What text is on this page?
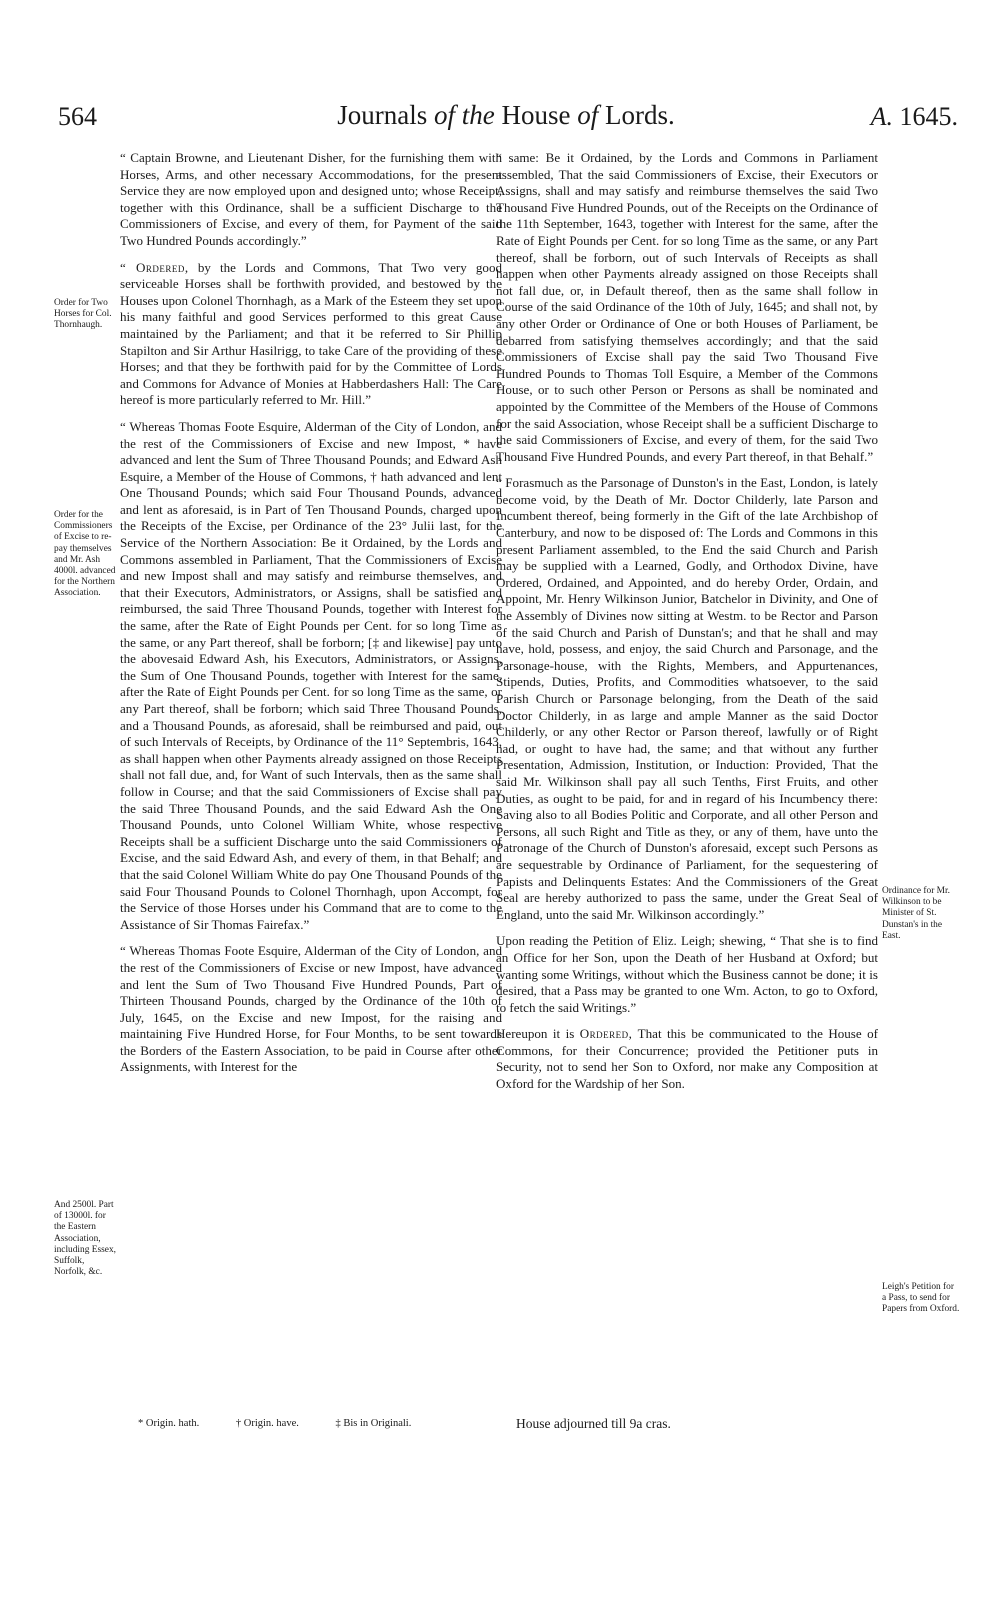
564	Journals of the House of Lords.	A. 1645.
Order for Two Horses for Col. Thornhaugh.
Order for the Commissioners of Excise to re-pay themselves and Mr. Ash 4000l. advanced for the Northern Association.
And 2500l. Part of 13000l. for the Eastern Association, including Essex, Suffolk, Norfolk, &c.
Ordinance for Mr. Wilkinson to be Minister of St. Dunstan's in the East.
Leigh's Petition for a Pass, to send for Papers from Oxford.

“ Captain Browne, and Lieutenant Disher, for the furnishing them with Horses, Arms, and other necessary Accommodations, for the present Service they are now employed upon and designed unto; whose Receipt, together with this Ordinance, shall be a sufficient Discharge to the Commissioners of Excise, and every of them, for Payment of the said Two Hundred Pounds accordingly.”

“ Ordered, by the Lords and Commons, That Two very good serviceable Horses shall be forthwith provided, and bestowed by the Houses upon Colonel Thornhagh, as a Mark of the Esteem they set upon his many faithful and good Services performed to this great Cause maintained by the Parliament; and that it be referred to Sir Phillip Stapilton and Sir Arthur Hasilrigg, to take Care of the providing of these Horses; and that they be forthwith paid for by the Committee of Lords and Commons for Advance of Monies at Habberdashers Hall: The Care hereof is more particularly referred to Mr. Hill.”

“ Whereas Thomas Foote Esquire, Alderman of the City of London, and the rest of the Commissioners of Excise and new Impost, * have advanced and lent the Sum of Three Thousand Pounds; and Edward Ash Esquire, a Member of the House of Commons, † hath advanced and lent One Thousand Pounds; which said Four Thousand Pounds, advanced and lent as aforesaid, is in Part of Ten Thousand Pounds, charged upon the Receipts of the Excise, per Ordinance of the 23° Julii last, for the Service of the Northern Association: Be it Ordained, by the Lords and Commons assembled in Parliament, That the Commissioners of Excise and new Impost shall and may satisfy and reimburse themselves, and that their Executors, Administrators, or Assigns, shall be satisfied and reimbursed, the said Three Thousand Pounds, together with Interest for the same, after the Rate of Eight Pounds per Cent. for so long Time as the same, or any Part thereof, shall be forborn; [‡ and likewise] pay unto the abovesaid Edward Ash, his Executors, Administrators, or Assigns, the Sum of One Thousand Pounds, together with Interest for the same, after the Rate of Eight Pounds per Cent. for so long Time as the same, or any Part thereof, shall be forborn; which said Three Thousand Pounds, and a Thousand Pounds, as aforesaid, shall be reimbursed and paid, out of such Intervals of Receipts, by Ordinance of the 11° Septembris, 1643, as shall happen when other Payments already assigned on those Receipts shall not fall due, and, for Want of such Intervals, then as the same shall follow in Course; and that the said Commissioners of Excise shall pay the said Three Thousand Pounds, and the said Edward Ash the One Thousand Pounds, unto Colonel William White, whose respective Receipts shall be a sufficient Discharge unto the said Commissioners of Excise, and the said Edward Ash, and every of them, in that Behalf; and that the said Colonel William White do pay One Thousand Pounds of the said Four Thousand Pounds to Colonel Thornhagh, upon Accompt, for the Service of those Horses under his Command that are to come to the Assistance of Sir Thomas Fairefax.”

“ Whereas Thomas Foote Esquire, Alderman of the City of London, and the rest of the Commissioners of Excise or new Impost, have advanced and lent the Sum of Two Thousand Five Hundred Pounds, Part of Thirteen Thousand Pounds, charged by the Ordinance of the 10th of July, 1645, on the Excise and new Impost, for the raising and maintaining Five Hundred Horse, for Four Months, to be sent towards the Borders of the Eastern Association, to be paid in Course after other Assignments, with Interest for the

“ same: Be it Ordained, by the Lords and Commons in Parliament assembled, That the said Commissioners of Excise, their Executors or Assigns, shall and may satisfy and reimburse themselves the said Two Thousand Five Hundred Pounds, out of the Receipts on the Ordinance of the 11th September, 1643, together with Interest for the same, after the Rate of Eight Pounds per Cent. for so long Time as the same, or any Part thereof, shall be forborn, out of such Intervals of Receipts as shall happen when other Payments already assigned on those Receipts shall not fall due, or, in Default thereof, then as the same shall follow in Course of the said Ordinance of the 10th of July, 1645; and shall not, by any other Order or Ordinance of One or both Houses of Parliament, be debarred from satisfying themselves accordingly; and that the said Commissioners of Excise shall pay the said Two Thousand Five Hundred Pounds to Thomas Toll Esquire, a Member of the Commons House, or to such other Person or Persons as shall be nominated and appointed by the Committee of the Members of the House of Commons for the said Association, whose Receipt shall be a sufficient Discharge to the said Commissioners of Excise, and every of them, for the said Two Thousand Five Hundred Pounds, and every Part thereof, in that Behalf.”

“ Forasmuch as the Parsonage of Dunston's in the East, London, is lately become void, by the Death of Mr. Doctor Childerly, late Parson and Incumbent thereof, being formerly in the Gift of the late Archbishop of Canterbury, and now to be disposed of: The Lords and Commons in this present Parliament assembled, to the End the said Church and Parish may be supplied with a Learned, Godly, and Orthodox Divine, have Ordered, Ordained, and Appointed, and do hereby Order, Ordain, and Appoint, Mr. Henry Wilkinson Junior, Batchelor in Divinity, and One of the Assembly of Divines now sitting at Westm. to be Rector and Parson of the said Church and Parish of Dunstan's; and that he shall and may have, hold, possess, and enjoy, the said Church and Parsonage, and the Parsonage-house, with the Rights, Members, and Appurtenances, Stipends, Duties, Profits, and Commodities whatsoever, to the said Parish Church or Parsonage belonging, from the Death of the said Doctor Childerly, in as large and ample Manner as the said Doctor Childerly, or any other Rector or Parson thereof, lawfully or of Right had, or ought to have had, the same; and that without any further Presentation, Admission, Institution, or Induction: Provided, That the said Mr. Wilkinson shall pay all such Tenths, First Fruits, and other Duties, as ought to be paid, for and in regard of his Incumbency there: Saving also to all Bodies Politic and Corporate, and all other Person and Persons, all such Right and Title as they, or any of them, have unto the Patronage of the Church of Dunston's aforesaid, except such Persons as are sequestrable by Ordinance of Parliament, for the sequestering of Papists and Delinquents Estates: And the Commissioners of the Great Seal are hereby authorized to pass the same, under the Great Seal of England, unto the said Mr. Wilkinson accordingly.”

Upon reading the Petition of Eliz. Leigh; shewing, “ That she is to find an Office for her Son, upon the Death of her Husband at Oxford; but wanting some Writings, without which the Business cannot be done; it is desired, that a Pass may be granted to one Wm. Acton, to go to Oxford, to fetch the said Writings.”

Hereupon it is Ordered, That this be communicated to the House of Commons, for their Concurrence; provided the Petitioner puts in Security, not to send her Son to Oxford, nor make any Composition at Oxford for the Wardship of her Son.

* Origin. hath.	† Origin. have.	‡ Bis in Originali.	House adjourned till 9a cras.
